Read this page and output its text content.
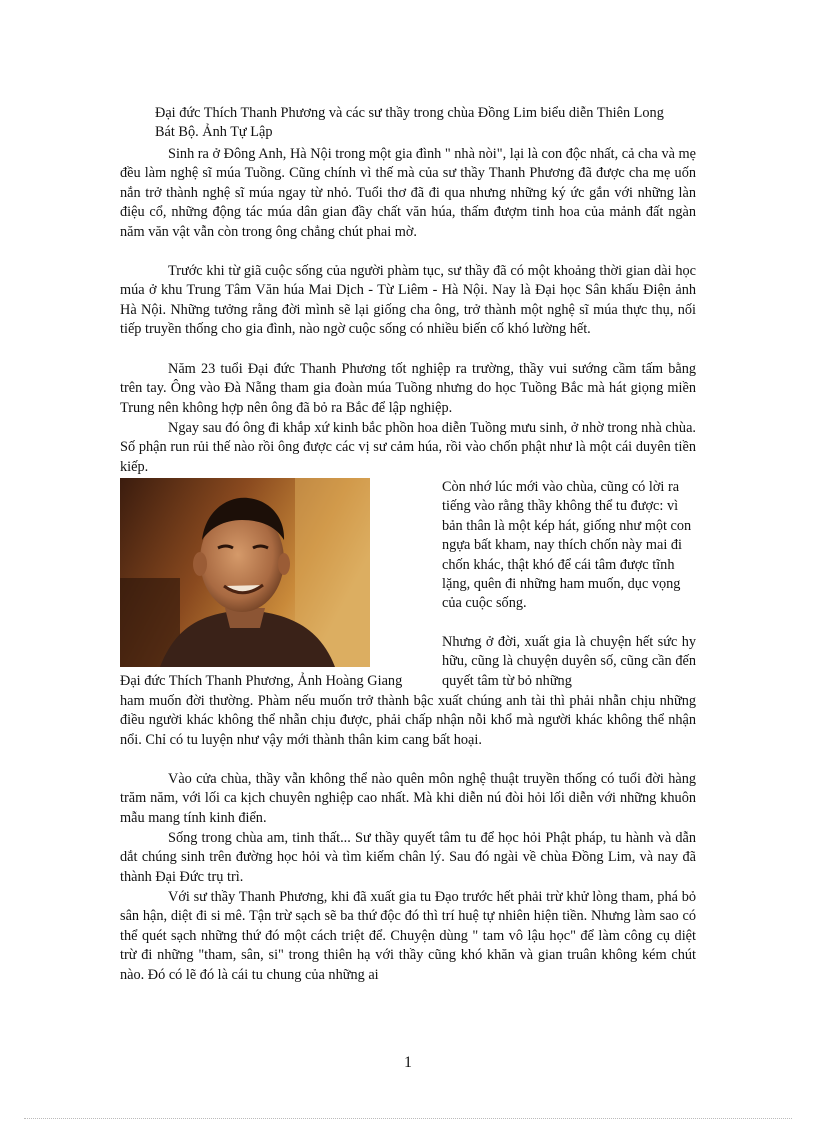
Đại đức Thích Thanh Phương và các sư thầy trong chùa Đồng Lim biểu diễn Thiên Long Bát Bộ. Ảnh Tự Lập

Sinh ra ở Đông Anh, Hà Nội trong một gia đình " nhà nòi", lại là con độc nhất, cả cha và mẹ đều làm nghệ sĩ múa Tuồng. Cũng chính vì thế mà của sư thầy Thanh Phương đã được cha mẹ uốn nắn trở thành nghệ sĩ múa ngay từ nhỏ. Tuổi thơ đã đi qua nhưng những ký ức gắn với những làn điệu cổ, những động tác múa dân gian đầy chất văn húa, thấm đượm tinh hoa của mảnh đất ngàn năm văn vật vẫn còn trong ông chẳng chút phai mờ.

Trước khi từ giã cuộc sống của người phàm tục, sư thầy đã có một khoảng thời gian dài học múa ở khu Trung Tâm Văn húa Mai Dịch - Từ Liêm - Hà Nội. Nay là Đại học Sân khấu Điện ảnh Hà Nội. Những tưởng rằng đời mình sẽ lại giống cha ông, trở thành một nghệ sĩ múa thực thụ, nối tiếp truyền thống cho gia đình, nào ngờ cuộc sống có nhiều biến cố khó lường hết.

Năm 23 tuổi Đại đức Thanh Phương tốt nghiệp ra trường, thầy vui sướng cầm tấm bằng trên tay. Ông vào Đà Nẵng tham gia đoàn múa Tuồng nhưng do học Tuồng Bắc mà hát giọng miền Trung nên không hợp nên ông đã bỏ ra Bắc để lập nghiệp.

Ngay sau đó ông đi khắp xứ kinh bắc phồn hoa diễn Tuồng mưu sinh, ở nhờ trong nhà chùa. Số phận run rủi thế nào rồi ông được các vị sư cảm húa, rồi vào chốn phật như là một cái duyên tiền kiếp.

Còn nhớ lúc mới vào chùa, cũng có lời ra tiếng vào rằng thầy không thể tu được: vì bản thân là một kép hát, giống như một con ngựa bất kham, nay thích chốn này mai đi chốn khác, thật khó để cái tâm được tĩnh lặng, quên đi những ham muốn, dục vọng của cuộc sống.

Nhưng ở đời, xuất gia là chuyện hết sức hy hữu, cũng là chuyện duyên số, cũng cần đến quyết tâm từ bỏ những

Đại đức Thích Thanh Phương, Ảnh Hoàng Giang

ham muốn đời thường. Phàm nếu muốn trở thành bậc xuất chúng anh tài thì phải nhẫn chịu những điều người khác không thể nhẫn chịu được, phải chấp nhận nỗi khổ mà người khác không thể nhận nổi. Chỉ có tu luyện như vậy mới thành thân kim cang bất hoại.

Vào cửa chùa, thầy vẫn không thể nào quên môn nghệ thuật truyền thống có tuổi đời hàng trăm năm, với lối ca kịch chuyên nghiệp cao nhất. Mà khi diễn nú đòi hỏi lối diễn với những khuôn mẫu mang tính kinh điển.

Sống trong chùa am, tinh thất... Sư thầy quyết tâm tu để học hỏi Phật pháp, tu hành và dẫn dắt chúng sinh trên đường học hỏi và tìm kiếm chân lý. Sau đó ngài về chùa Đồng Lim, và nay đã thành Đại Đức trụ trì.

Với sư thầy Thanh Phương, khi đã xuất gia tu Đạo trước hết phải trừ khử lòng tham, phá bỏ sân hận, diệt đi si mê. Tận trừ sạch sẽ ba thứ độc đó thì trí huệ tự nhiên hiện tiền. Nhưng làm sao có thể quét sạch những thứ đó một cách triệt để. Chuyện dùng " tam vô lậu học" để làm công cụ diệt trừ đi những "tham, sân, si" trong thiên hạ với thầy cũng khó khăn và gian truân không kém chút nào. Đó có lẽ đó là cái tu chung của những ai

1
